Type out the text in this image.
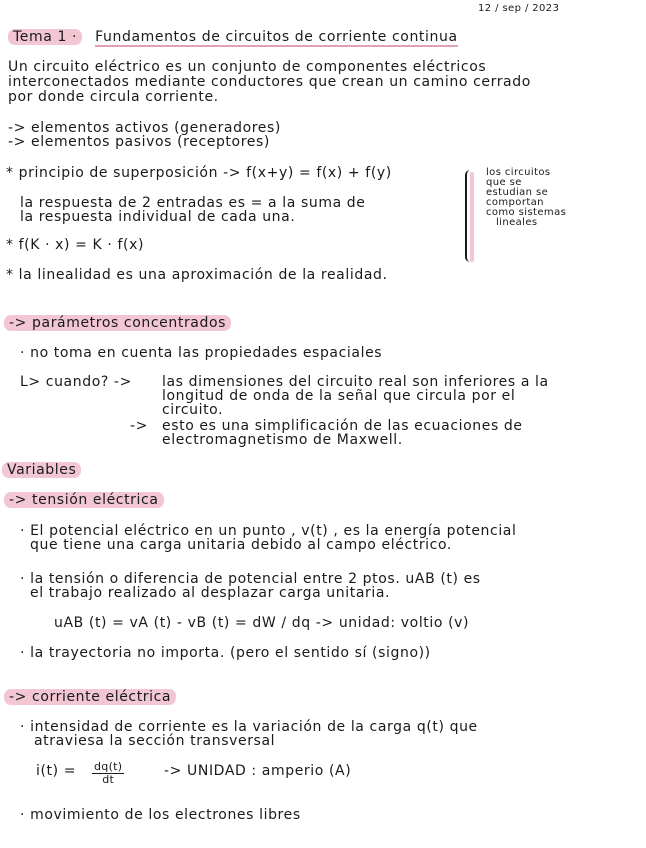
12 / sep / 2023
Tema 1 · Fundamentos de circuitos de corriente continua
Un circuito eléctrico es un conjunto de componentes eléctricos
interconectados mediante conductores que crean un camino cerrado
por donde circula corriente.
-> elementos activos (generadores)
-> elementos pasivos (receptores)
* principio de superposición -> f(x+y) = f(x) + f(y)
la respuesta de 2 entradas es = a la suma de
la respuesta individual de cada una.
* f(K · x) = K · f(x)
* la linealidad es una aproximación de la realidad.
los circuitos
que se
estudian se
comportan
como sistemas
lineales
-> parámetros concentrados
· no toma en cuenta las propiedades espaciales
L> cuando? -> las dimensiones del circuito real son inferiores a la
longitud de onda de la señal que circula por el
circuito.
-> esto es una simplificación de las ecuaciones de
electromagnetismo de Maxwell.
Variables
-> tensión eléctrica
· El potencial eléctrico en un punto , v(t) , es la energía potencial
que tiene una carga unitaria debido al campo eléctrico.
· la tensión o diferencia de potencial entre 2 ptos. uAB (t) es
el trabajo realizado al desplazar carga unitaria.
uAB (t) = vA (t) - vB (t) = dW / dq -> unidad: voltio (v)
· la trayectoria no importa. (pero el sentido sí (signo))
-> corriente eléctrica
· intensidad de corriente es la variación de la carga q(t) que
atraviesa la sección transversal
$i(t) = \frac{dq(t)}{dt}$	-> UNIDAD : amperio (A)
· movimiento de los electrones libres
